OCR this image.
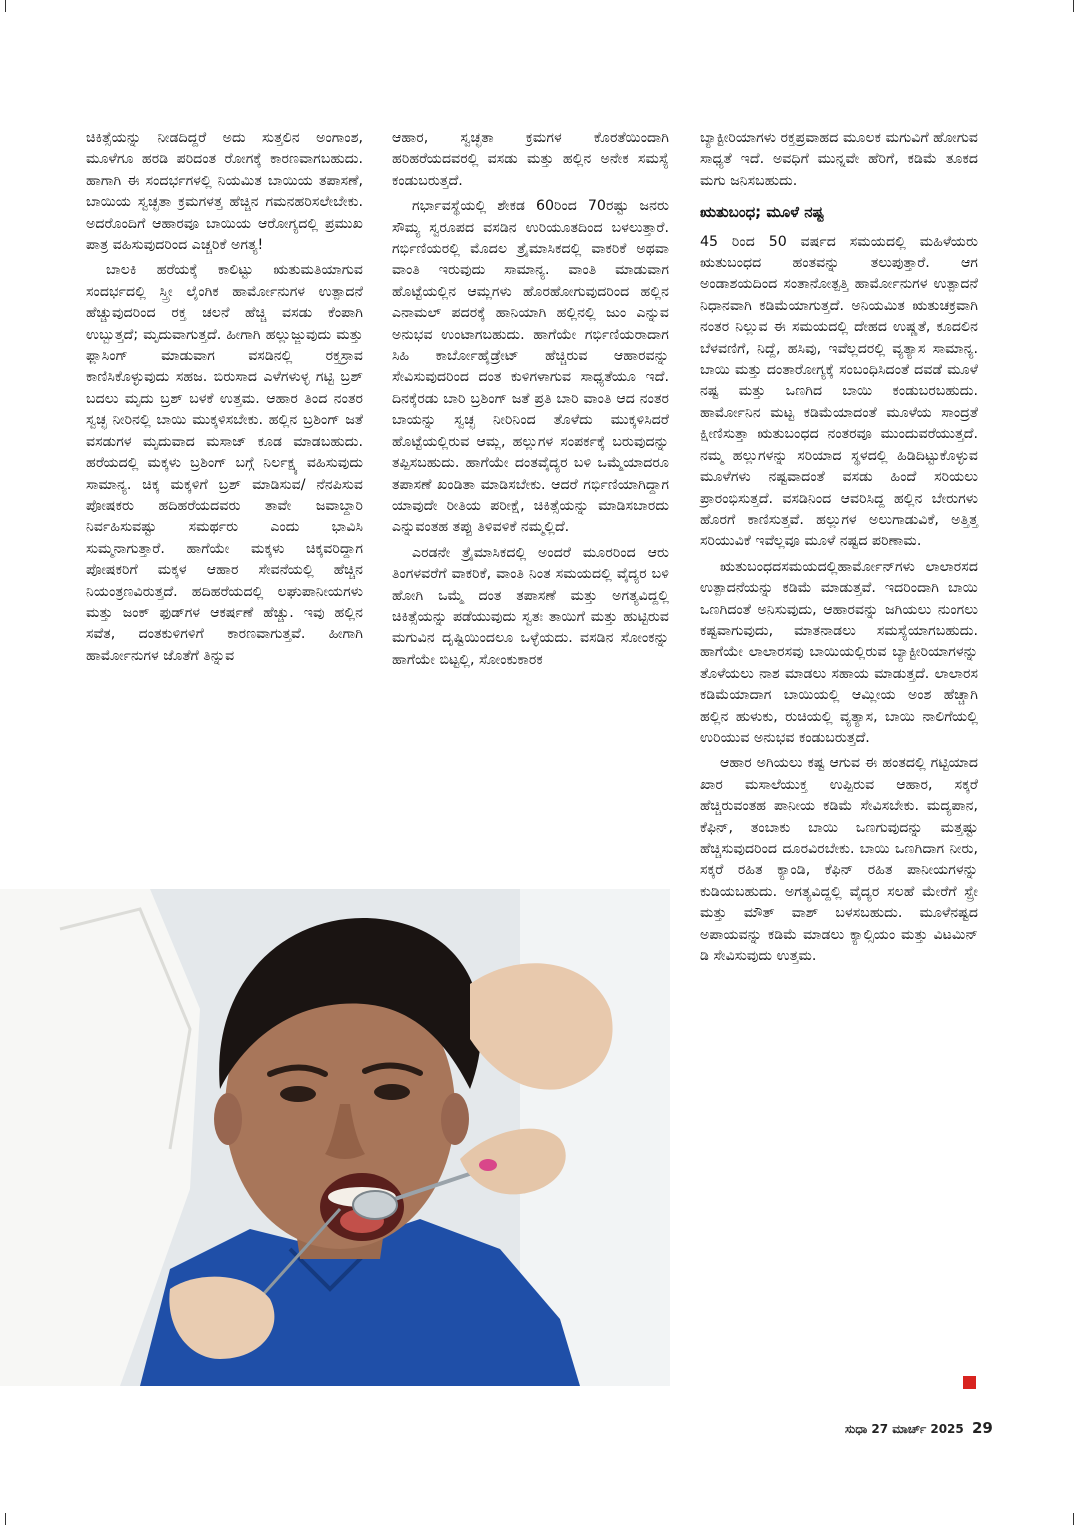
ಚಿಕಿತ್ಸೆಯನ್ನು ನೀಡದಿದ್ದರೆ ಅದು ಸುತ್ತಲಿನ ಅಂಗಾಂಶ, ಮೂಳೆಗೂ ಹರಡಿ ಪರಿದಂತ ರೋಗಕ್ಕೆ ಕಾರಣವಾಗಬಹುದು. ಹಾಗಾಗಿ ಈ ಸಂದರ್ಭಗಳಲ್ಲಿ ನಿಯಮಿತ ಬಾಯಿಯ ತಪಾಸಣೆ, ಬಾಯಿಯ ಸ್ವಚ್ಛತಾ ಕ್ರಮಗಳತ್ತ ಹೆಚ್ಚಿನ ಗಮನಹರಿಸಲೇಬೇಕು. ಅದರೊಂದಿಗೆ ಆಹಾರವೂ ಬಾಯಿಯ ಆರೋಗ್ಯದಲ್ಲಿ ಪ್ರಮುಖ ಪಾತ್ರ ವಹಿಸುವುದರಿಂದ ಎಚ್ಚರಿಕೆ ಅಗತ್ಯ!

ಬಾಲಕಿ ಹರೆಯಕ್ಕೆ ಕಾಲಿಟ್ಟು ಋತುಮತಿಯಾಗುವ ಸಂದರ್ಭದಲ್ಲಿ ಸ್ತ್ರೀ ಲೈಂಗಿಕ ಹಾರ್ಮೋನುಗಳ ಉತ್ಪಾದನೆ ಹೆಚ್ಚುವುದರಿಂದ ರಕ್ತ ಚಲನೆ ಹೆಚ್ಚಿ ವಸಡು ಕೆಂಪಾಗಿ ಉಬ್ಬುತ್ತದೆ; ಮೃದುವಾಗುತ್ತದೆ. ಹೀಗಾಗಿ ಹಲ್ಲುಜ್ಜುವುದು ಮತ್ತು ಫ್ಲಾಸಿಂಗ್ ಮಾಡುವಾಗ ವಸಡಿನಲ್ಲಿ ರಕ್ತಸ್ರಾವ ಕಾಣಿಸಿಕೊಳ್ಳುವುದು ಸಹಜ. ಬಿರುಸಾದ ಎಳೆಗಳುಳ್ಳ ಗಟ್ಟಿ ಬ್ರಶ್ ಬದಲು ಮೃದು ಬ್ರಶ್ ಬಳಕೆ ಉತ್ತಮ. ಆಹಾರ ತಿಂದ ನಂತರ ಸ್ವಚ್ಛ ನೀರಿನಲ್ಲಿ ಬಾಯಿ ಮುಕ್ಕಳಿಸಬೇಕು. ಹಲ್ಲಿನ ಬ್ರಶಿಂಗ್ ಜತೆ ವಸಡುಗಳ ಮೃದುವಾದ ಮಸಾಜ್ ಕೂಡ ಮಾಡಬಹುದು. ಹರೆಯದಲ್ಲಿ ಮಕ್ಕಳು ಬ್ರಶಿಂಗ್ ಬಗ್ಗೆ ನಿರ್ಲಕ್ಷ್ಯ ವಹಿಸುವುದು ಸಾಮಾನ್ಯ. ಚಿಕ್ಕ ಮಕ್ಕಳಿಗೆ ಬ್ರಶ್ ಮಾಡಿಸುವ/ ನೆನಪಿಸುವ ಪೋಷಕರು ಹದಿಹರೆಯದವರು ತಾವೇ ಜವಾಬ್ದಾರಿ ನಿರ್ವಹಿಸುವಷ್ಟು ಸಮರ್ಥರು ಎಂದು ಭಾವಿಸಿ ಸುಮ್ಮನಾಗುತ್ತಾರೆ. ಹಾಗೆಯೇ ಮಕ್ಕಳು ಚಿಕ್ಕವರಿದ್ದಾಗ ಪೋಷಕರಿಗೆ ಮಕ್ಕಳ ಆಹಾರ ಸೇವನೆಯಲ್ಲಿ ಹೆಚ್ಚಿನ ನಿಯಂತ್ರಣವಿರುತ್ತದೆ. ಹದಿಹರೆಯದಲ್ಲಿ ಲಘುಪಾನೀಯಗಳು ಮತ್ತು ಜಂಕ್ ಫುಡ್‌ಗಳ ಆಕರ್ಷಣೆ ಹೆಚ್ಚು. ಇವು ಹಲ್ಲಿನ ಸವೆತ, ದಂತಕುಳಿಗಳಿಗೆ ಕಾರಣವಾಗುತ್ತವೆ. ಹೀಗಾಗಿ ಹಾರ್ಮೋನುಗಳ ಜೊತೆಗೆ ತಿನ್ನುವ

ಆಹಾರ, ಸ್ವಚ್ಛತಾ ಕ್ರಮಗಳ ಕೊರತೆಯಿಂದಾಗಿ ಹರಿಹರೆಯದವರಲ್ಲಿ ವಸಡು ಮತ್ತು ಹಲ್ಲಿನ ಅನೇಕ ಸಮಸ್ಯೆ ಕಂಡುಬರುತ್ತದೆ.

ಗರ್ಭಾವಸ್ಥೆಯಲ್ಲಿ ಶೇಕಡ 60ರಿಂದ 70ರಷ್ಟು ಜನರು ಸೌಮ್ಯ ಸ್ವರೂಪದ ವಸಡಿನ ಉರಿಯೂತದಿಂದ ಬಳಲುತ್ತಾರೆ. ಗರ್ಭಿಣಿಯರಲ್ಲಿ ಮೊದಲ ತ್ರೈಮಾಸಿಕದಲ್ಲಿ ವಾಕರಿಕೆ ಅಥವಾ ವಾಂತಿ ಇರುವುದು ಸಾಮಾನ್ಯ. ವಾಂತಿ ಮಾಡುವಾಗ ಹೊಟ್ಟೆಯಲ್ಲಿನ ಆಮ್ಲಗಳು ಹೊರಹೋಗುವುದರಿಂದ ಹಲ್ಲಿನ ಎನಾಮಲ್ ಪದರಕ್ಕೆ ಹಾನಿಯಾಗಿ ಹಲ್ಲಿನಲ್ಲಿ ಜುಂ ಎನ್ನುವ ಅನುಭವ ಉಂಟಾಗಬಹುದು. ಹಾಗೆಯೇ ಗರ್ಭಿಣಿಯರಾದಾಗ ಸಿಹಿ ಕಾರ್ಬೋಹೈಡ್ರೇಟ್ ಹೆಚ್ಚಿರುವ ಆಹಾರವನ್ನು ಸೇವಿಸುವುದರಿಂದ ದಂತ ಕುಳಿಗಳಾಗುವ ಸಾಧ್ಯತೆಯೂ ಇದೆ. ದಿನಕ್ಕೆರಡು ಬಾರಿ ಬ್ರಶಿಂಗ್ ಜತೆ ಪ್ರತಿ ಬಾರಿ ವಾಂತಿ ಆದ ನಂತರ ಬಾಯನ್ನು ಸ್ವಚ್ಛ ನೀರಿನಿಂದ ತೊಳೆದು ಮುಕ್ಕಳಿಸಿದರೆ ಹೊಟ್ಟೆಯಲ್ಲಿರುವ ಆಮ್ಲ, ಹಲ್ಲುಗಳ ಸಂಪರ್ಕಕ್ಕೆ ಬರುವುದನ್ನು ತಪ್ಪಿಸಬಹುದು. ಹಾಗೆಯೇ ದಂತವೈದ್ಯರ ಬಳಿ ಒಮ್ಮೆಯಾದರೂ ತಪಾಸಣೆ ಖಂಡಿತಾ ಮಾಡಿಸಬೇಕು. ಆದರೆ ಗರ್ಭಿಣಿಯಾಗಿದ್ದಾಗ ಯಾವುದೇ ರೀತಿಯ ಪರೀಕ್ಷೆ, ಚಿಕಿತ್ಸೆಯನ್ನು ಮಾಡಿಸಬಾರದು ಎನ್ನುವಂತಹ ತಪ್ಪು ತಿಳಿವಳಿಕೆ ನಮ್ಮಲ್ಲಿದೆ.

ಎರಡನೇ ತ್ರೈಮಾಸಿಕದಲ್ಲಿ ಅಂದರೆ ಮೂರರಿಂದ ಆರು ತಿಂಗಳವರೆಗೆ ವಾಕರಿಕೆ, ವಾಂತಿ ನಿಂತ ಸಮಯದಲ್ಲಿ ವೈದ್ಯರ ಬಳಿ ಹೋಗಿ ಒಮ್ಮೆ ದಂತ ತಪಾಸಣೆ ಮತ್ತು ಅಗತ್ಯವಿದ್ದಲ್ಲಿ ಚಿಕಿತ್ಸೆಯನ್ನು ಪಡೆಯುವುದು ಸ್ವತಃ ತಾಯಿಗೆ ಮತ್ತು ಹುಟ್ಟಿರುವ ಮಗುವಿನ ದೃಷ್ಟಿಯಿಂದಲೂ ಒಳ್ಳೆಯದು. ವಸಡಿನ ಸೋಂಕನ್ನು ಹಾಗೆಯೇ ಬಿಟ್ಟಲ್ಲಿ, ಸೋಂಕುಕಾರಕ

ಬ್ಯಾಕ್ಟೀರಿಯಾಗಳು ರಕ್ತಪ್ರವಾಹದ ಮೂಲಕ ಮಗುವಿಗೆ ಹೋಗುವ ಸಾಧ್ಯತೆ ಇದೆ. ಅವಧಿಗೆ ಮುನ್ನವೇ ಹೆರಿಗೆ, ಕಡಿಮೆ ತೂಕದ ಮಗು ಜನಿಸಬಹುದು.

ಋತುಬಂಧ; ಮೂಳೆ ನಷ್ಟ

45 ರಿಂದ 50 ವರ್ಷದ ಸಮಯದಲ್ಲಿ ಮಹಿಳೆಯರು ಋತುಬಂಧದ ಹಂತವನ್ನು ತಲುಪುತ್ತಾರೆ. ಆಗ ಅಂಡಾಶಯದಿಂದ ಸಂತಾನೋತ್ಪತ್ತಿ ಹಾರ್ಮೋನುಗಳ ಉತ್ಪಾದನೆ ನಿಧಾನವಾಗಿ ಕಡಿಮೆಯಾಗುತ್ತದೆ. ಅನಿಯಮಿತ ಋತುಚಕ್ರವಾಗಿ ನಂತರ ನಿಲ್ಲುವ ಈ ಸಮಯದಲ್ಲಿ ದೇಹದ ಉಷ್ಣತೆ, ಕೂದಲಿನ ಬೆಳವಣಿಗೆ, ನಿದ್ದೆ, ಹಸಿವು, ಇವೆಲ್ಲದರಲ್ಲಿ ವ್ಯತ್ಯಾಸ ಸಾಮಾನ್ಯ. ಬಾಯಿ ಮತ್ತು ದಂತಾರೋಗ್ಯಕ್ಕೆ ಸಂಬಂಧಿಸಿದಂತೆ ದವಡೆ ಮೂಳೆ ನಷ್ಟ ಮತ್ತು ಒಣಗಿದ ಬಾಯಿ ಕಂಡುಬರಬಹುದು. ಹಾರ್ಮೋನಿನ ಮಟ್ಟ ಕಡಿಮೆಯಾದಂತೆ ಮೂಳೆಯ ಸಾಂದ್ರತೆ ಕ್ಷೀಣಿಸುತ್ತಾ ಋತುಬಂಧದ ನಂತರವೂ ಮುಂದುವರೆಯುತ್ತದೆ. ನಮ್ಮ ಹಲ್ಲುಗಳನ್ನು ಸರಿಯಾದ ಸ್ಥಳದಲ್ಲಿ ಹಿಡಿದಿಟ್ಟುಕೊಳ್ಳುವ ಮೂಳೆಗಳು ನಷ್ಟವಾದಂತೆ ವಸಡು ಹಿಂದೆ ಸರಿಯಲು ಪ್ರಾರಂಭಿಸುತ್ತದೆ. ವಸಡಿನಿಂದ ಆವರಿಸಿದ್ದ ಹಲ್ಲಿನ ಬೇರುಗಳು ಹೊರಗೆ ಕಾಣಿಸುತ್ತವೆ. ಹಲ್ಲುಗಳ ಅಲುಗಾಡುವಿಕೆ, ಅತ್ತಿತ್ತ ಸರಿಯುವಿಕೆ ಇವೆಲ್ಲವೂ ಮೂಳೆ ನಷ್ಟದ ಪರಿಣಾಮ.

ಋತುಬಂಧದಸಮಯದಲ್ಲಿಹಾರ್ಮೋನ್‌ಗಳು ಲಾಲಾರಸದ ಉತ್ಪಾದನೆಯನ್ನು ಕಡಿಮೆ ಮಾಡುತ್ತವೆ. ಇದರಿಂದಾಗಿ ಬಾಯಿ ಒಣಗಿದಂತೆ ಅನಿಸುವುದು, ಆಹಾರವನ್ನು ಜಗಿಯಲು ನುಂಗಲು ಕಷ್ಟವಾಗುವುದು, ಮಾತನಾಡಲು ಸಮಸ್ಯೆಯಾಗಬಹುದು. ಹಾಗೆಯೇ ಲಾಲಾರಸವು ಬಾಯಿಯಲ್ಲಿರುವ ಬ್ಯಾಕ್ಟೀರಿಯಾಗಳನ್ನು ತೊಳೆಯಲು ನಾಶ ಮಾಡಲು ಸಹಾಯ ಮಾಡುತ್ತದೆ. ಲಾಲಾರಸ ಕಡಿಮೆಯಾದಾಗ ಬಾಯಿಯಲ್ಲಿ ಆಮ್ಲೀಯ ಅಂಶ ಹೆಚ್ಚಾಗಿ ಹಲ್ಲಿನ ಹುಳುಕು, ರುಚಿಯಲ್ಲಿ ವ್ಯತ್ಯಾಸ, ಬಾಯಿ ನಾಲಿಗೆಯಲ್ಲಿ ಉರಿಯುವ ಅನುಭವ ಕಂಡುಬರುತ್ತದೆ.

ಆಹಾರ ಅಗಿಯಲು ಕಷ್ಟ ಆಗುವ ಈ ಹಂತದಲ್ಲಿ ಗಟ್ಟಿಯಾದ ಖಾರ ಮಸಾಲೆಯುಕ್ತ ಉಪ್ಪಿರುವ ಆಹಾರ, ಸಕ್ಕರೆ ಹೆಚ್ಚಿರುವಂತಹ ಪಾನೀಯ ಕಡಿಮೆ ಸೇವಿಸಬೇಕು. ಮದ್ಯಪಾನ, ಕೆಫಿನ್, ತಂಬಾಕು ಬಾಯಿ ಒಣಗುವುದನ್ನು ಮತ್ತಷ್ಟು ಹೆಚ್ಚಿಸುವುದರಿಂದ ದೂರವಿರಬೇಕು. ಬಾಯಿ ಒಣಗಿದಾಗ ನೀರು, ಸಕ್ಕರೆ ರಹಿತ ಕ್ಯಾಂಡಿ, ಕೆಫಿನ್ ರಹಿತ ಪಾನೀಯಗಳನ್ನು ಕುಡಿಯಬಹುದು. ಅಗತ್ಯವಿದ್ದಲ್ಲಿ ವೈದ್ಯರ ಸಲಹೆ ಮೇರೆಗೆ ಸ್ಪ್ರೇ ಮತ್ತು ಮೌತ್ ವಾಶ್ ಬಳಸಬಹುದು. ಮೂಳೆನಷ್ಟದ ಅಪಾಯವನ್ನು ಕಡಿಮೆ ಮಾಡಲು ಕ್ಯಾಲ್ಸಿಯಂ ಮತ್ತು ವಿಟಮಿನ್ ಡಿ ಸೇವಿಸುವುದು ಉತ್ತಮ.

ಸುಧಾ 27 ಮಾರ್ಚ್ 2025 29
